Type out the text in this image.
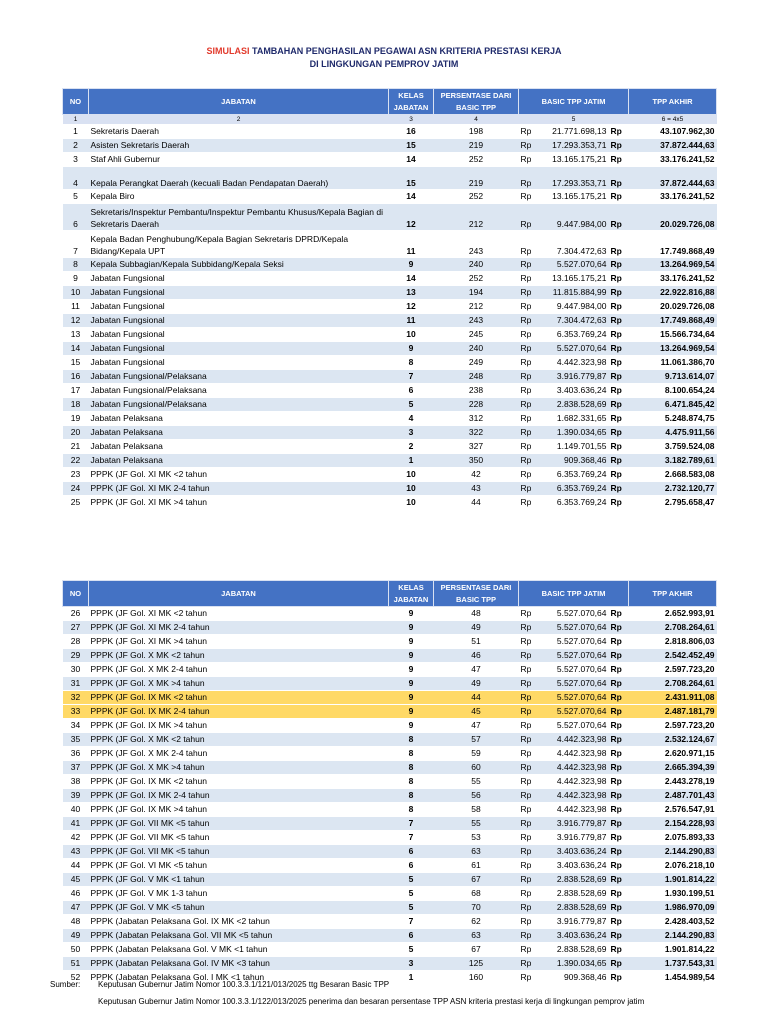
SIMULASI TAMBAHAN PENGHASILAN PEGAWAI ASN KRITERIA PRESTASI KERJA
DI LINGKUNGAN PEMPROV JATIM
NO	JABATAN	KELAS JABATAN	PERSENTASE DARI BASIC TPP	BASIC TPP JATIM			TPP AKHIR
1	2	3	4	5			6 = 4x5
1	Sekretaris Daerah	16	198	Rp	21.771.698,13	Rp	43.107.962,30
2	Asisten Sekretaris Daerah	15	219	Rp	17.293.353,71	Rp	37.872.444,63
3	Staf Ahli Gubernur	14	252	Rp	13.165.175,21	Rp	33.176.241,52
4	Kepala Perangkat Daerah (kecuali Badan Pendapatan Daerah)	15	219	Rp	17.293.353,71	Rp	37.872.444,63
5	Kepala Biro	14	252	Rp	13.165.175,21	Rp	33.176.241,52
6	Sekretaris/Inspektur Pembantu/Inspektur Pembantu Khusus/Kepala Bagian di Sekretaris Daerah	12	212	Rp	9.447.984,00	Rp	20.029.726,08
7	Kepala Badan Penghubung/Kepala Bagian Sekretaris DPRD/Kepala Bidang/Kepala UPT	11	243	Rp	7.304.472,63	Rp	17.749.868,49
8	Kepala Subbagian/Kepala Subbidang/Kepala Seksi	9	240	Rp	5.527.070,64	Rp	13.264.969,54
9	Jabatan Fungsional	14	252	Rp	13.165.175,21	Rp	33.176.241,52
10	Jabatan Fungsional	13	194	Rp	11.815.884,99	Rp	22.922.816,88
11	Jabatan Fungsional	12	212	Rp	9.447.984,00	Rp	20.029.726,08
12	Jabatan Fungsional	11	243	Rp	7.304.472,63	Rp	17.749.868,49
13	Jabatan Fungsional	10	245	Rp	6.353.769,24	Rp	15.566.734,64
14	Jabatan Fungsional	9	240	Rp	5.527.070,64	Rp	13.264.969,54
15	Jabatan Fungsional	8	249	Rp	4.442.323,98	Rp	11.061.386,70
16	Jabatan Fungsional/Pelaksana	7	248	Rp	3.916.779,87	Rp	9.713.614,07
17	Jabatan Fungsional/Pelaksana	6	238	Rp	3.403.636,24	Rp	8.100.654,24
18	Jabatan Fungsional/Pelaksana	5	228	Rp	2.838.528,69	Rp	6.471.845,42
19	Jabatan Pelaksana	4	312	Rp	1.682.331,65	Rp	5.248.874,75
20	Jabatan Pelaksana	3	322	Rp	1.390.034,65	Rp	4.475.911,56
21	Jabatan Pelaksana	2	327	Rp	1.149.701,55	Rp	3.759.524,08
22	Jabatan Pelaksana	1	350	Rp	909.368,46	Rp	3.182.789,61
23	PPPK (JF Gol. XI MK <2 tahun	10	42	Rp	6.353.769,24	Rp	2.668.583,08
24	PPPK (JF Gol. XI MK 2-4 tahun	10	43	Rp	6.353.769,24	Rp	2.732.120,77
25	PPPK (JF Gol. XI MK >4 tahun	10	44	Rp	6.353.769,24	Rp	2.795.658,47
NO	JABATAN	KELAS JABATAN	PERSENTASE DARI BASIC TPP	BASIC TPP JATIM			TPP AKHIR
26	PPPK (JF Gol. XI MK <2 tahun	9	48	Rp	5.527.070,64	Rp	2.652.993,91
27	PPPK (JF Gol. XI MK 2-4 tahun	9	49	Rp	5.527.070,64	Rp	2.708.264,61
28	PPPK (JF Gol. XI MK >4 tahun	9	51	Rp	5.527.070,64	Rp	2.818.806,03
29	PPPK (JF Gol. X MK <2 tahun	9	46	Rp	5.527.070,64	Rp	2.542.452,49
30	PPPK (JF Gol. X MK 2-4 tahun	9	47	Rp	5.527.070,64	Rp	2.597.723,20
31	PPPK (JF Gol. X MK >4 tahun	9	49	Rp	5.527.070,64	Rp	2.708.264,61
32	PPPK (JF Gol. IX MK <2 tahun	9	44	Rp	5.527.070,64	Rp	2.431.911,08
33	PPPK (JF Gol. IX MK 2-4 tahun	9	45	Rp	5.527.070,64	Rp	2.487.181,79
34	PPPK (JF Gol. IX MK >4 tahun	9	47	Rp	5.527.070,64	Rp	2.597.723,20
35	PPPK (JF Gol. X MK <2 tahun	8	57	Rp	4.442.323,98	Rp	2.532.124,67
36	PPPK (JF Gol. X MK 2-4 tahun	8	59	Rp	4.442.323,98	Rp	2.620.971,15
37	PPPK (JF Gol. X MK >4 tahun	8	60	Rp	4.442.323,98	Rp	2.665.394,39
38	PPPK (JF Gol. IX MK <2 tahun	8	55	Rp	4.442.323,98	Rp	2.443.278,19
39	PPPK (JF Gol. IX MK 2-4 tahun	8	56	Rp	4.442.323,98	Rp	2.487.701,43
40	PPPK (JF Gol. IX MK >4 tahun	8	58	Rp	4.442.323,98	Rp	2.576.547,91
41	PPPK (JF Gol. VII MK <5 tahun	7	55	Rp	3.916.779,87	Rp	2.154.228,93
42	PPPK (JF Gol. VII MK <5 tahun	7	53	Rp	3.916.779,87	Rp	2.075.893,33
43	PPPK (JF Gol. VII MK <5 tahun	6	63	Rp	3.403.636,24	Rp	2.144.290,83
44	PPPK (JF Gol. VI MK <5 tahun	6	61	Rp	3.403.636,24	Rp	2.076.218,10
45	PPPK (JF Gol. V MK <1 tahun	5	67	Rp	2.838.528,69	Rp	1.901.814,22
46	PPPK (JF Gol. V MK 1-3 tahun	5	68	Rp	2.838.528,69	Rp	1.930.199,51
47	PPPK (JF Gol. V MK <5 tahun	5	70	Rp	2.838.528,69	Rp	1.986.970,09
48	PPPK (Jabatan Pelaksana Gol. IX MK <2 tahun	7	62	Rp	3.916.779,87	Rp	2.428.403,52
49	PPPK (Jabatan Pelaksana Gol. VII MK <5 tahun	6	63	Rp	3.403.636,24	Rp	2.144.290,83
50	PPPK (Jabatan Pelaksana Gol. V MK <1 tahun	5	67	Rp	2.838.528,69	Rp	1.901.814,22
51	PPPK (Jabatan Pelaksana Gol. IV MK <3 tahun	3	125	Rp	1.390.034,65	Rp	1.737.543,31
52	PPPK (Jabatan Pelaksana Gol. I MK <1 tahun	1	160	Rp	909.368,46	Rp	1.454.989,54
Sumber:	Keputusan Gubernur Jatim Nomor 100.3.3.1/121/013/2025 ttg Besaran Basic TPP
Keputusan Gubernur Jatim Nomor 100.3.3.1/122/013/2025 penerima dan besaran persentase TPP ASN kriteria prestasi kerja di lingkungan pemprov jatim
